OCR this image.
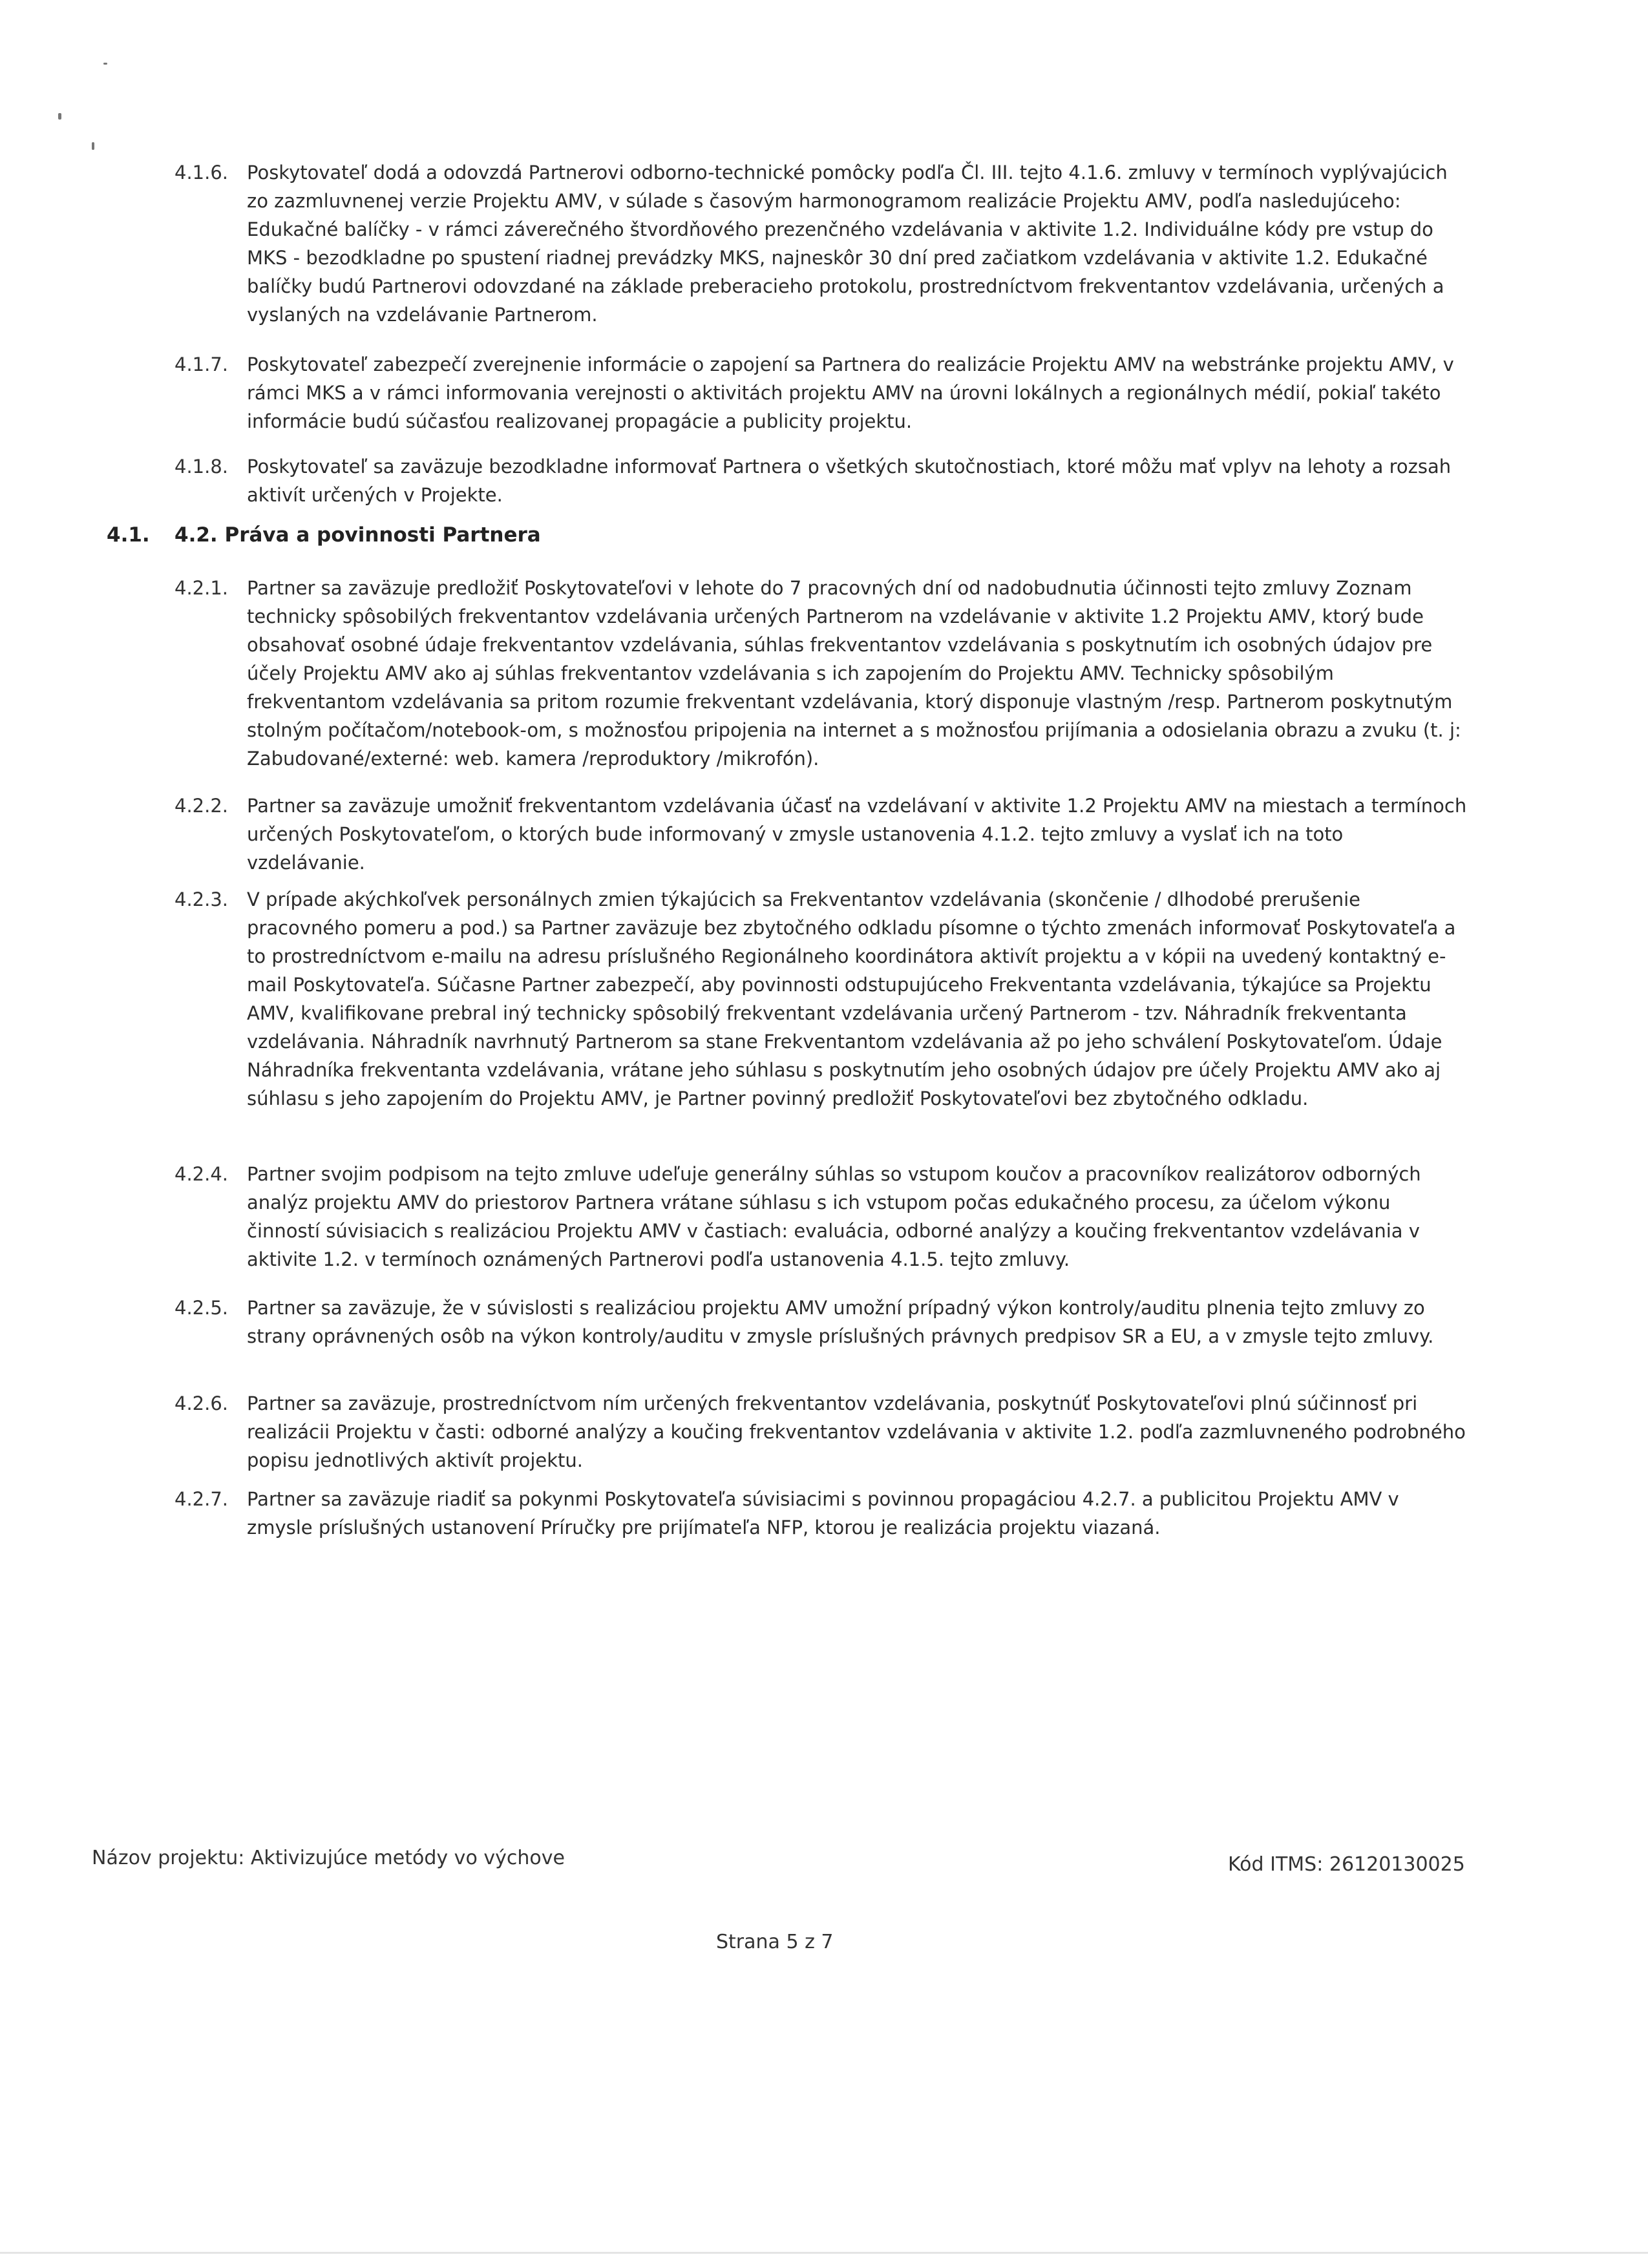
4.1.6. Poskytovateľ dodá a odovzdá Partnerovi odborno-technické pomôcky podľa Čl. III. tejto 4.1.6. zmluvy v termínoch vyplývajúcich zo zazmluvnenej verzie Projektu AMV, v súlade s časovým harmonogramom realizácie Projektu AMV, podľa nasledujúceho: Edukačné balíčky - v rámci záverečného štvordňového prezenčného vzdelávania v aktivite 1.2. Individuálne kódy pre vstup do MKS - bezodkladne po spustení riadnej prevádzky MKS, najneskôr 30 dní pred začiatkom vzdelávania v aktivite 1.2. Edukačné balíčky budú Partnerovi odovzdané na základe preberacieho protokolu, prostredníctvom frekventantov vzdelávania, určených a vyslaných na vzdelávanie Partnerom.
4.1.7. Poskytovateľ zabezpečí zverejnenie informácie o zapojení sa Partnera do realizácie Projektu AMV na webstránke projektu AMV, v rámci MKS a v rámci informovania verejnosti o aktivitách projektu AMV na úrovni lokálnych a regionálnych médií, pokiaľ takéto informácie budú súčasťou realizovanej propagácie a publicity projektu.
4.1.8. Poskytovateľ sa zaväzuje bezodkladne informovať Partnera o všetkých skutočnostiach, ktoré môžu mať vplyv na lehoty a rozsah aktivít určených v Projekte.
4.1. 4.2. Práva a povinnosti Partnera
4.2.1. Partner sa zaväzuje predložiť Poskytovateľovi v lehote do 7 pracovných dní od nadobudnutia účinnosti tejto zmluvy Zoznam technicky spôsobilých frekventantov vzdelávania určených Partnerom na vzdelávanie v aktivite 1.2 Projektu AMV, ktorý bude obsahovať osobné údaje frekventantov vzdelávania, súhlas frekventantov vzdelávania s poskytnutím ich osobných údajov pre účely Projektu AMV ako aj súhlas frekventantov vzdelávania s ich zapojením do Projektu AMV. Technicky spôsobilým frekventantom vzdelávania sa pritom rozumie frekventant vzdelávania, ktorý disponuje vlastným /resp. Partnerom poskytnutým stolným počítačom/notebook-om, s možnosťou pripojenia na internet a s možnosťou prijímania a odosielania obrazu a zvuku (t. j: Zabudované/externé: web. kamera /reproduktory /mikrofón).
4.2.2. Partner sa zaväzuje umožniť frekventantom vzdelávania účasť na vzdelávaní v aktivite 1.2 Projektu AMV na miestach a termínoch určených Poskytovateľom, o ktorých bude informovaný v zmysle ustanovenia 4.1.2. tejto zmluvy a vyslať ich na toto vzdelávanie.
4.2.3. V prípade akýchkoľvek personálnych zmien týkajúcich sa Frekventantov vzdelávania (skončenie / dlhodobé prerušenie pracovného pomeru a pod.) sa Partner zaväzuje bez zbytočného odkladu písomne o týchto zmenách informovať Poskytovateľa a to prostredníctvom e-mailu na adresu príslušného Regionálneho koordinátora aktivít projektu a v kópii na uvedený kontaktný e-mail Poskytovateľa. Súčasne Partner zabezpečí, aby povinnosti odstupujúceho Frekventanta vzdelávania, týkajúce sa Projektu AMV, kvalifikovane prebral iný technicky spôsobilý frekventant vzdelávania určený Partnerom - tzv. Náhradník frekventanta vzdelávania. Náhradník navrhnutý Partnerom sa stane Frekventantom vzdelávania až po jeho schválení Poskytovateľom. Údaje Náhradníka frekventanta vzdelávania, vrátane jeho súhlasu s poskytnutím jeho osobných údajov pre účely Projektu AMV ako aj súhlasu s jeho zapojením do Projektu AMV, je Partner povinný predložiť Poskytovateľovi bez zbytočného odkladu.
4.2.4. Partner svojim podpisom na tejto zmluve udeľuje generálny súhlas so vstupom koučov a pracovníkov realizátorov odborných analýz projektu AMV do priestorov Partnera vrátane súhlasu s ich vstupom počas edukačného procesu, za účelom výkonu činností súvisiacich s realizáciou Projektu AMV v častiach: evaluácia, odborné analýzy a koučing frekventantov vzdelávania v aktivite 1.2. v termínoch oznámených Partnerovi podľa ustanovenia 4.1.5. tejto zmluvy.
4.2.5. Partner sa zaväzuje, že v súvislosti s realizáciou projektu AMV umožní prípadný výkon kontroly/auditu plnenia tejto zmluvy zo strany oprávnených osôb na výkon kontroly/auditu v zmysle príslušných právnych predpisov SR a EU, a v zmysle tejto zmluvy.
4.2.6. Partner sa zaväzuje, prostredníctvom ním určených frekventantov vzdelávania, poskytnúť Poskytovateľovi plnú súčinnosť pri realizácii Projektu v časti: odborné analýzy a koučing frekventantov vzdelávania v aktivite 1.2. podľa zazmluvneného podrobného popisu jednotlivých aktivít projektu.
4.2.7. Partner sa zaväzuje riadiť sa pokynmi Poskytovateľa súvisiacimi s povinnou propagáciou 4.2.7. a publicitou Projektu AMV v zmysle príslušných ustanovení Príručky pre prijímateľa NFP, ktorou je realizácia projektu viazaná.
Názov projektu: Aktivizujúce metódy vo výchove	Kód ITMS: 26120130025
Strana 5 z 7
